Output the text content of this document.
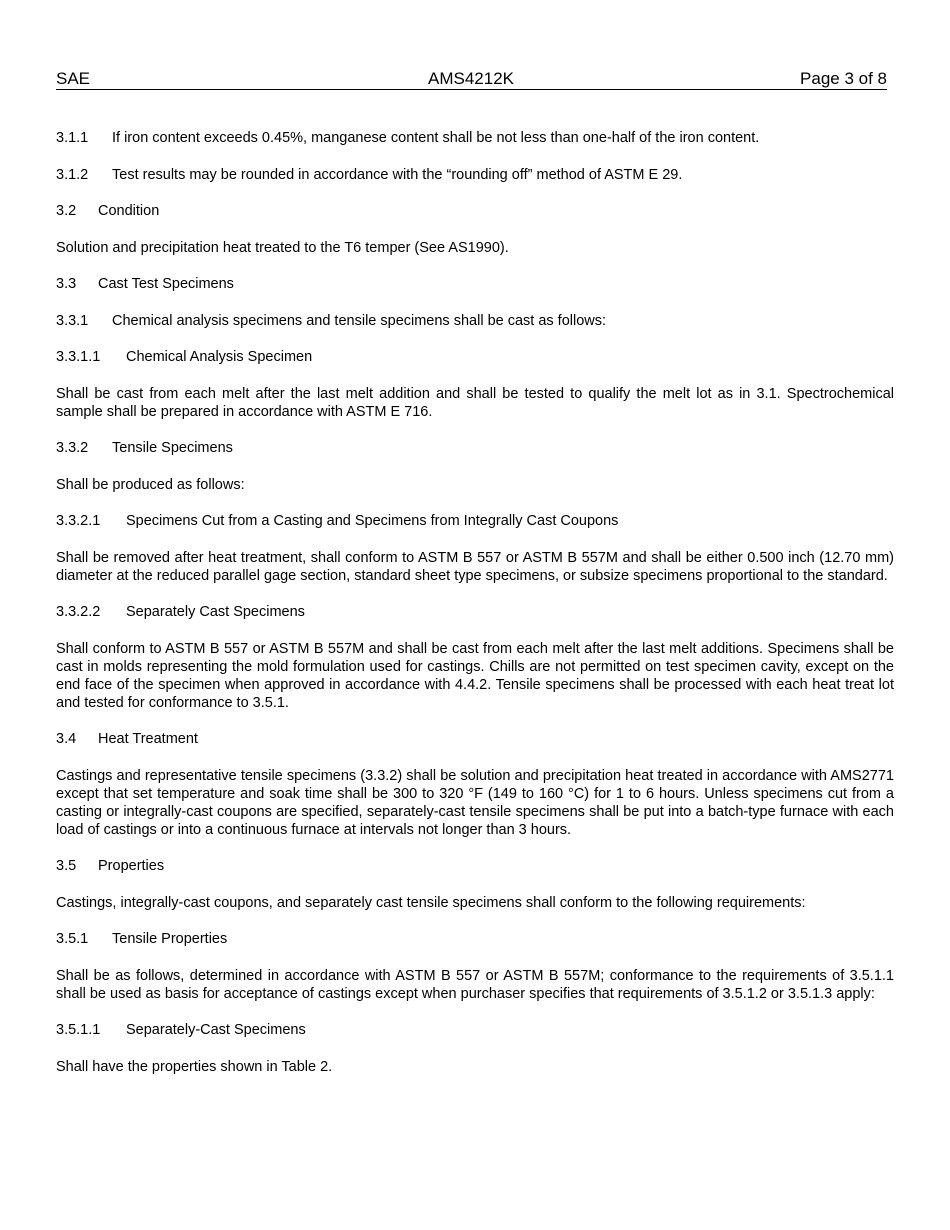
SAE	AMS4212K	Page 3 of 8
3.1.1	If iron content exceeds 0.45%, manganese content shall be not less than one-half of the iron content.
3.1.2	Test results may be rounded in accordance with the “rounding off” method of ASTM E 29.
3.2	Condition

Solution and precipitation heat treated to the T6 temper (See AS1990).

3.3	Cast Test Specimens
3.3.1	Chemical analysis specimens and tensile specimens shall be cast as follows:
3.3.1.1	Chemical Analysis Specimen

Shall be cast from each melt after the last melt addition and shall be tested to qualify the melt lot as in 3.1. Spectrochemical sample shall be prepared in accordance with ASTM E 716.

3.3.2	Tensile Specimens

Shall be produced as follows:

3.3.2.1	Specimens Cut from a Casting and Specimens from Integrally Cast Coupons

Shall be removed after heat treatment, shall conform to ASTM B 557 or ASTM B 557M and shall be either 0.500 inch (12.70 mm) diameter at the reduced parallel gage section, standard sheet type specimens, or subsize specimens proportional to the standard.

3.3.2.2	Separately Cast Specimens

Shall conform to ASTM B 557 or ASTM B 557M and shall be cast from each melt after the last melt additions. Specimens shall be cast in molds representing the mold formulation used for castings. Chills are not permitted on test specimen cavity, except on the end face of the specimen when approved in accordance with 4.4.2. Tensile specimens shall be processed with each heat treat lot and tested for conformance to 3.5.1.

3.4	Heat Treatment

Castings and representative tensile specimens (3.3.2) shall be solution and precipitation heat treated in accordance with AMS2771 except that set temperature and soak time shall be 300 to 320 °F (149 to 160 °C) for 1 to 6 hours. Unless specimens cut from a casting or integrally-cast coupons are specified, separately-cast tensile specimens shall be put into a batch-type furnace with each load of castings or into a continuous furnace at intervals not longer than 3 hours.

3.5	Properties

Castings, integrally-cast coupons, and separately cast tensile specimens shall conform to the following requirements:

3.5.1	Tensile Properties

Shall be as follows, determined in accordance with ASTM B 557 or ASTM B 557M; conformance to the requirements of 3.5.1.1 shall be used as basis for acceptance of castings except when purchaser specifies that requirements of 3.5.1.2 or 3.5.1.3 apply:

3.5.1.1	Separately-Cast Specimens

Shall have the properties shown in Table 2.
